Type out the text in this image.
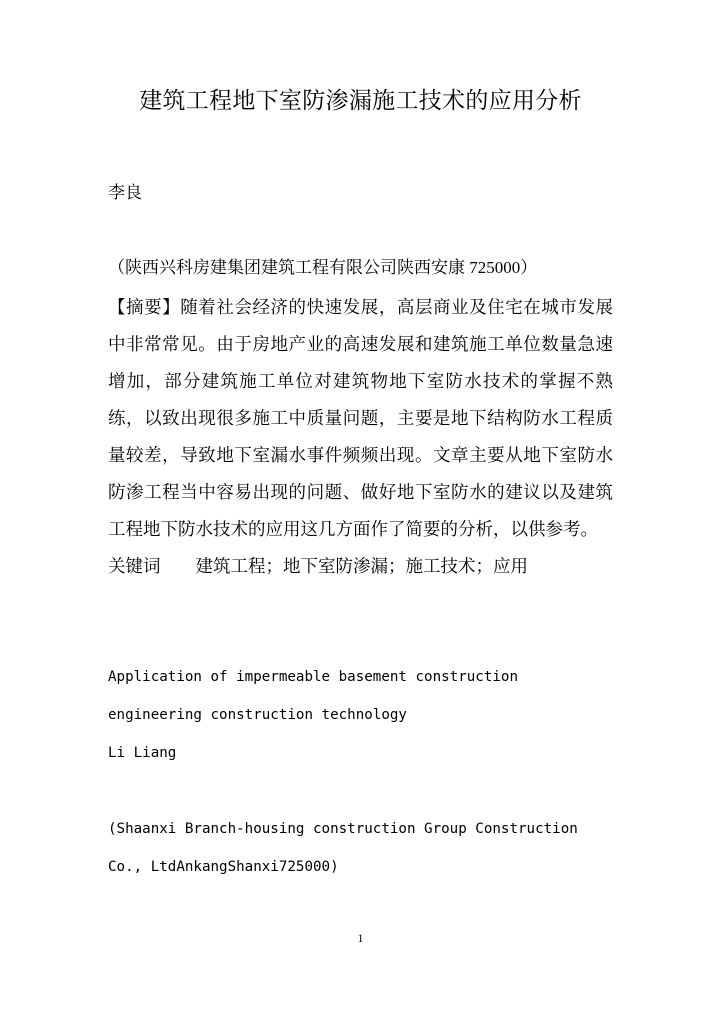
建筑工程地下室防渗漏施工技术的应用分析

李良

（陕西兴科房建集团建筑工程有限公司陕西安康 725000）

【摘要】随着社会经济的快速发展，高层商业及住宅在城市发展中非常常见。由于房地产业的高速发展和建筑施工单位数量急速增加，部分建筑施工单位对建筑物地下室防水技术的掌握不熟练，以致出现很多施工中质量问题，主要是地下结构防水工程质量较差，导致地下室漏水事件频频出现。文章主要从地下室防水防渗工程当中容易出现的问题、做好地下室防水的建议以及建筑工程地下防水技术的应用这几方面作了简要的分析，以供参考。

关键词　　建筑工程；地下室防渗漏；施工技术；应用

Application of impermeable basement construction engineering construction technology

Li Liang

(Shaanxi Branch-housing construction Group Construction Co., LtdAnkangShanxi725000)

1
